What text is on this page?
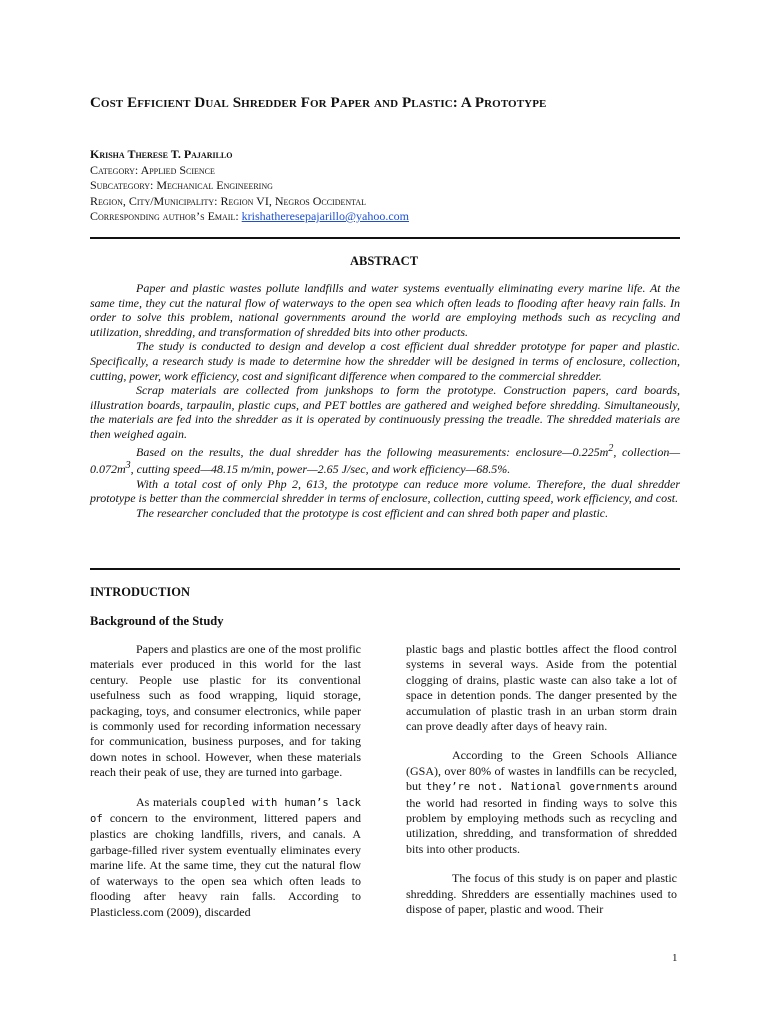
Cost Efficient Dual Shredder For Paper and Plastic: A Prototype
Krisha Therese T. Pajarillo
Category: Applied Science
Subcategory: Mechanical Engineering
Region, City/Municipality: Region VI, Negros Occidental
Corresponding author’s Email: krishatheresepajarillo@yahoo.com
ABSTRACT

Paper and plastic wastes pollute landfills and water systems eventually eliminating every marine life. At the same time, they cut the natural flow of waterways to the open sea which often leads to flooding after heavy rain falls. In order to solve this problem, national governments around the world are employing methods such as recycling and utilization, shredding, and transformation of shredded bits into other products.

The study is conducted to design and develop a cost efficient dual shredder prototype for paper and plastic. Specifically, a research study is made to determine how the shredder will be designed in terms of enclosure, collection, cutting, power, work efficiency, cost and significant difference when compared to the commercial shredder.

Scrap materials are collected from junkshops to form the prototype. Construction papers, card boards, illustration boards, tarpaulin, plastic cups, and PET bottles are gathered and weighed before shredding. Simultaneously, the materials are fed into the shredder as it is operated by continuously pressing the treadle. The shredded materials are then weighed again.

Based on the results, the dual shredder has the following measurements: $enclosure—0.225m^2$, $collection—0.072m^3$, cutting speed—48.15 m/min, power—2.65 J/sec, and work efficiency—68.5%.

With a total cost of only Php 2, 613, the prototype can reduce more volume. Therefore, the dual shredder prototype is better than the commercial shredder in terms of enclosure, collection, cutting speed, work efficiency, and cost.

The researcher concluded that the prototype is cost efficient and can shred both paper and plastic.

INTRODUCTION
Background of the Study

Papers and plastics are one of the most prolific materials ever produced in this world for the last century. People use plastic for its conventional usefulness such as food wrapping, liquid storage, packaging, toys, and consumer electronics, while paper is commonly used for recording information necessary for communication, business purposes, and for taking down notes in school. However, when these materials reach their peak of use, they are turned into garbage.

As materials coupled with human’s lack of concern to the environment, littered papers and plastics are choking landfills, rivers, and canals. A garbage-filled river system eventually eliminates every marine life. At the same time, they cut the natural flow of waterways to the open sea which often leads to flooding after heavy rain falls. According to Plasticless.com (2009), discarded

plastic bags and plastic bottles affect the flood control systems in several ways. Aside from the potential clogging of drains, plastic waste can also take a lot of space in detention ponds. The danger presented by the accumulation of plastic trash in an urban storm drain can prove deadly after days of heavy rain.

According to the Green Schools Alliance (GSA), over 80% of wastes in landfills can be recycled, but they’re not. National governments around the world had resorted in finding ways to solve this problem by employing methods such as recycling and utilization, shredding, and transformation of shredded bits into other products.

The focus of this study is on paper and plastic shredding. Shredders are essentially machines used to dispose of paper, plastic and wood. Their

1
